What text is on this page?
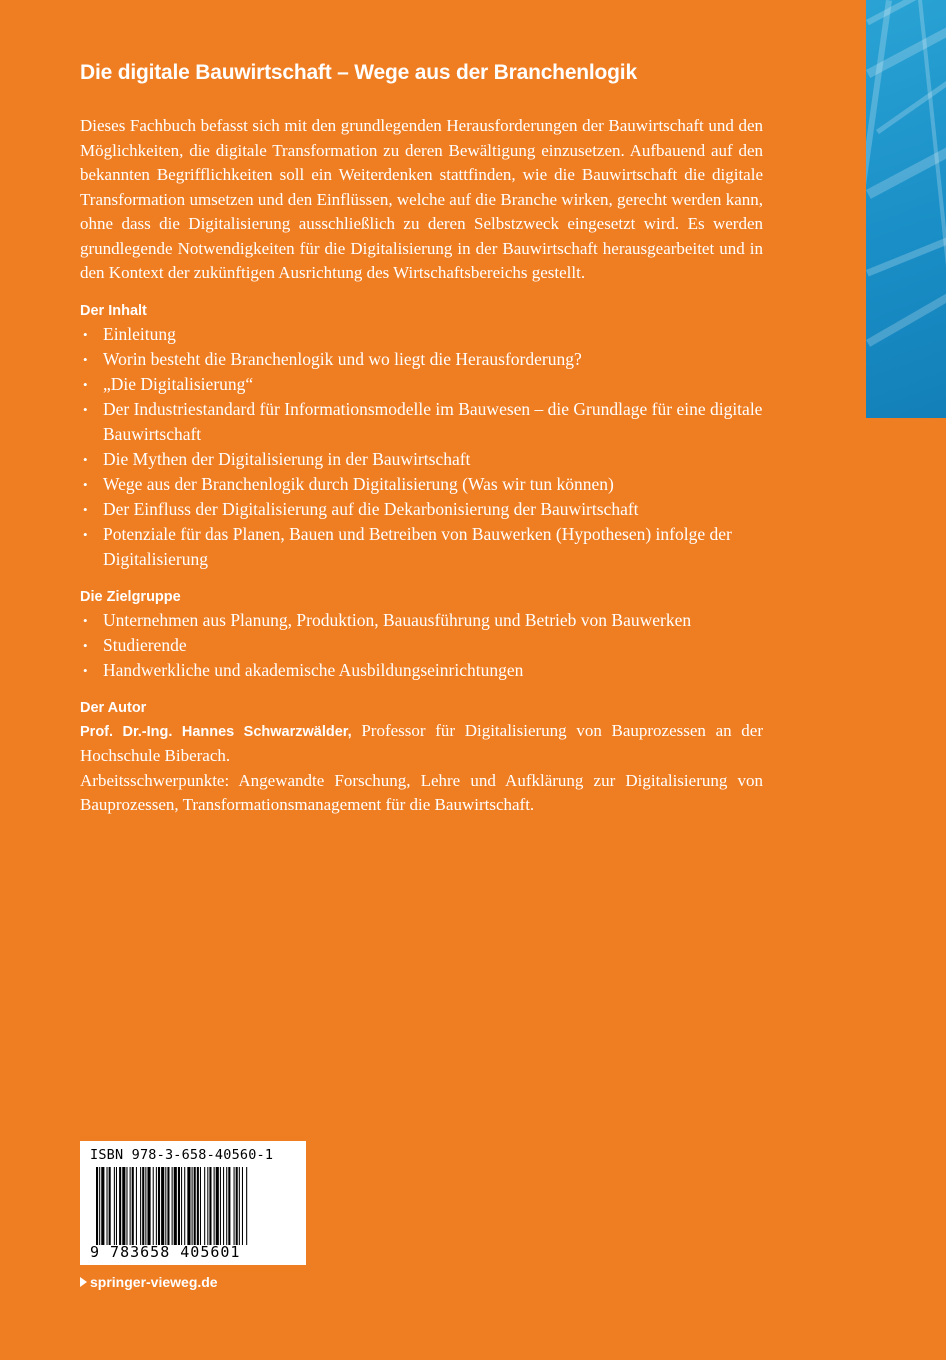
Die digitale Bauwirtschaft – Wege aus der Branchenlogik

Dieses Fachbuch befasst sich mit den grundlegenden Herausforderungen der Bauwirtschaft und den Möglichkeiten, die digitale Transformation zu deren Bewältigung einzusetzen. Aufbauend auf den bekannten Begrifflichkeiten soll ein Weiterdenken stattfinden, wie die Bauwirtschaft die digitale Transformation umsetzen und den Einflüssen, welche auf die Branche wirken, gerecht werden kann, ohne dass die Digitalisierung ausschließlich zu deren Selbstzweck eingesetzt wird. Es werden grundlegende Notwendigkeiten für die Digitalisierung in der Bauwirtschaft herausgearbeitet und in den Kontext der zukünftigen Ausrichtung des Wirtschaftsbereichs gestellt.

Der Inhalt
• Einleitung
• Worin besteht die Branchenlogik und wo liegt die Herausforderung?
• „Die Digitalisierung“
• Der Industriestandard für Informationsmodelle im Bauwesen – die Grundlage für eine digitale Bauwirtschaft
• Die Mythen der Digitalisierung in der Bauwirtschaft
• Wege aus der Branchenlogik durch Digitalisierung (Was wir tun können)
• Der Einfluss der Digitalisierung auf die Dekarbonisierung der Bauwirtschaft
• Potenziale für das Planen, Bauen und Betreiben von Bauwerken (Hypothesen) infolge der Digitalisierung
Die Zielgruppe
• Unternehmen aus Planung, Produktion, Bauausführung und Betrieb von Bauwerken
• Studierende
• Handwerkliche und akademische Ausbildungseinrichtungen
Der Autor

Prof. Dr.-Ing. Hannes Schwarzwälder, Professor für Digitalisierung von Bauprozessen an der Hochschule Biberach.

Arbeitsschwerpunkte: Angewandte Forschung, Lehre und Aufklärung zur Digitalisierung von Bauprozessen, Transformationsmanagement für die Bauwirtschaft.

ISBN 978-3-658-40560-1
9 783658 405601
springer-vieweg.de
